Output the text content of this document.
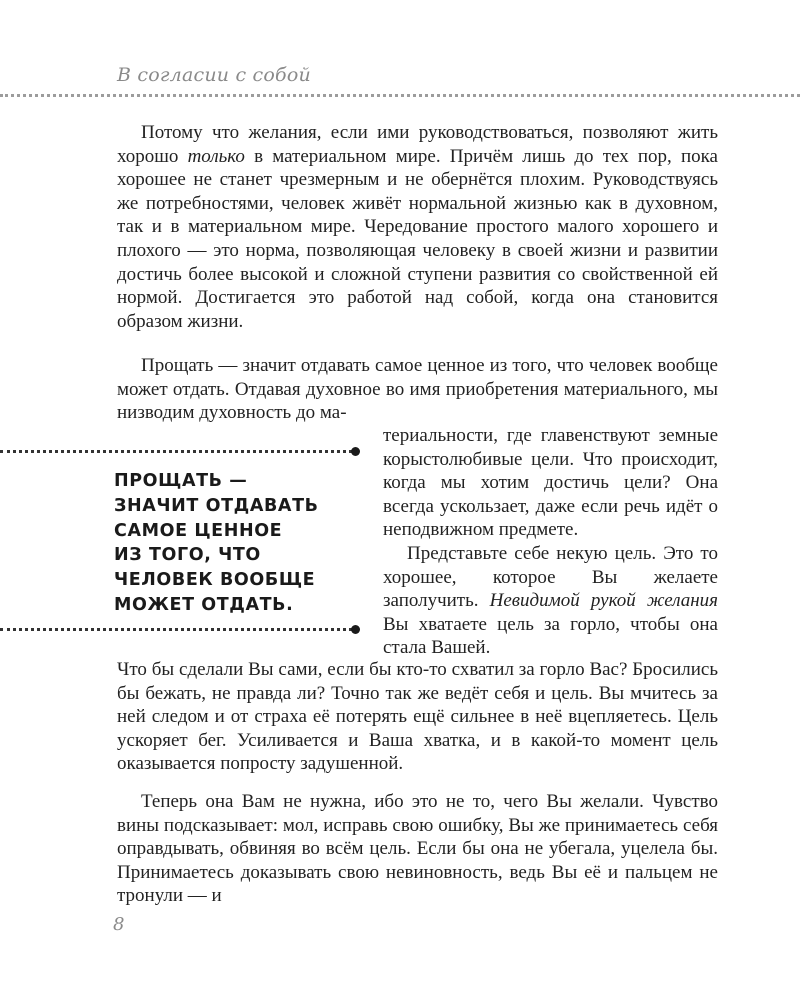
В согласии с собой

Потому что желания, если ими руководствоваться, позволяют жить хорошо только в материальном мире. Причём лишь до тех пор, пока хорошее не станет чрезмерным и не обернётся плохим. Руководствуясь же потребностями, человек живёт нормальной жизнью как в духовном, так и в материальном мире. Чередование простого малого хорошего и плохого — это норма, позволяющая человеку в своей жизни и развитии достичь более высокой и сложной ступени развития со свойственной ей нормой. Достигается это работой над собой, когда она становится образом жизни.

Прощать — значит отдавать самое ценное из того, что человек вообще может отдать. Отдавая духовное во имя приобретения материального, мы низводим духовность до ма-

териальности, где главенствуют земные корыстолюбивые цели. Что происходит, когда мы хотим достичь цели? Она всегда ускользает, даже если речь идёт о неподвижном предмете.

Представьте себе некую цель. Это то хорошее, которое Вы желаете заполучить. Невидимой рукой желания Вы хватаете цель за горло, чтобы она стала Вашей.

ПРОЩАТЬ —
ЗНАЧИТ ОТДАВАТЬ
САМОЕ ЦЕННОЕ
ИЗ ТОГО, ЧТО
ЧЕЛОВЕК ВООБЩЕ
МОЖЕТ ОТДАТЬ.

Что бы сделали Вы сами, если бы кто-то схватил за горло Вас? Бросились бы бежать, не правда ли? Точно так же ведёт себя и цель. Вы мчитесь за ней следом и от страха её потерять ещё сильнее в неё вцепляетесь. Цель ускоряет бег. Усиливается и Ваша хватка, и в какой-то момент цель оказывается попросту задушенной.

Теперь она Вам не нужна, ибо это не то, чего Вы желали. Чувство вины подсказывает: мол, исправь свою ошибку, Вы же принимаетесь себя оправдывать, обвиняя во всём цель. Если бы она не убегала, уцелела бы. Принимаетесь доказывать свою невиновность, ведь Вы её и пальцем не тронули — и

8
